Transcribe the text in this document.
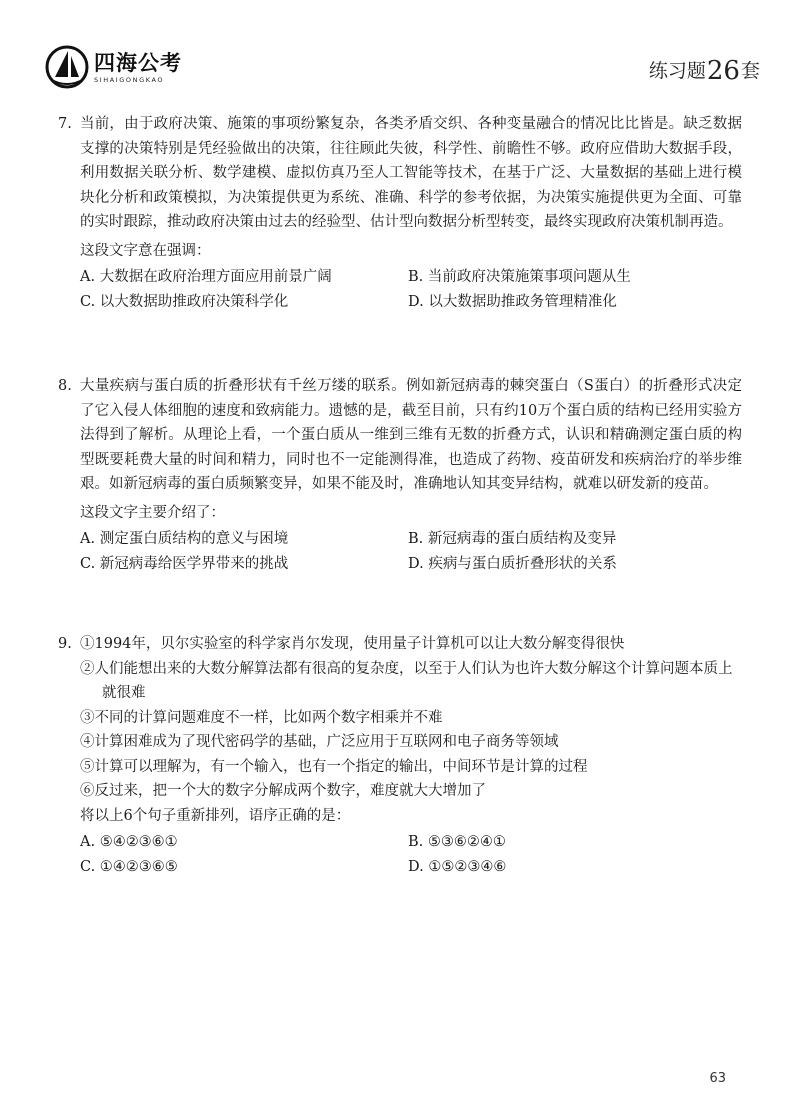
四海公考
SIHAIGONGKAO	练习题26套
7. 当前，由于政府决策、施策的事项纷繁复杂，各类矛盾交织、各种变量融合的情况比比皆是。缺乏数据支撑的决策特别是凭经验做出的决策，往往顾此失彼，科学性、前瞻性不够。政府应借助大数据手段，利用数据关联分析、数学建模、虚拟仿真乃至人工智能等技术，在基于广泛、大量数据的基础上进行模块化分析和政策模拟，为决策提供更为系统、准确、科学的参考依据，为决策实施提供更为全面、可靠的实时跟踪，推动政府决策由过去的经验型、估计型向数据分析型转变，最终实现政府决策机制再造。
这段文字意在强调：
A. 大数据在政府治理方面应用前景广阔	B. 当前政府决策施策事项问题从生
C. 以大数据助推政府决策科学化	D. 以大数据助推政务管理精准化
8. 大量疾病与蛋白质的折叠形状有千丝万缕的联系。例如新冠病毒的棘突蛋白（S蛋白）的折叠形式决定了它入侵人体细胞的速度和致病能力。遗憾的是，截至目前，只有约10万个蛋白质的结构已经用实验方法得到了解析。从理论上看，一个蛋白质从一维到三维有无数的折叠方式，认识和精确测定蛋白质的构型既要耗费大量的时间和精力，同时也不一定能测得准，也造成了药物、疫苗研发和疾病治疗的举步维艰。如新冠病毒的蛋白质频繁变异，如果不能及时，准确地认知其变异结构，就难以研发新的疫苗。
这段文字主要介绍了：
A. 测定蛋白质结构的意义与困境	B. 新冠病毒的蛋白质结构及变异
C. 新冠病毒给医学界带来的挑战	D. 疾病与蛋白质折叠形状的关系
9. ①1994年，贝尔实验室的科学家肖尔发现，使用量子计算机可以让大数分解变得很快
②人们能想出来的大数分解算法都有很高的复杂度，以至于人们认为也许大数分解这个计算问题本质上就很难
③不同的计算问题难度不一样，比如两个数字相乘并不难
④计算困难成为了现代密码学的基础，广泛应用于互联网和电子商务等领域
⑤计算可以理解为，有一个输入，也有一个指定的输出，中间环节是计算的过程
⑥反过来，把一个大的数字分解成两个数字，难度就大大增加了
将以上6个句子重新排列，语序正确的是：
A. ⑤④②③⑥①	B. ⑤③⑥②④①
C. ①④②③⑥⑤	D. ①⑤②③④⑥
63
